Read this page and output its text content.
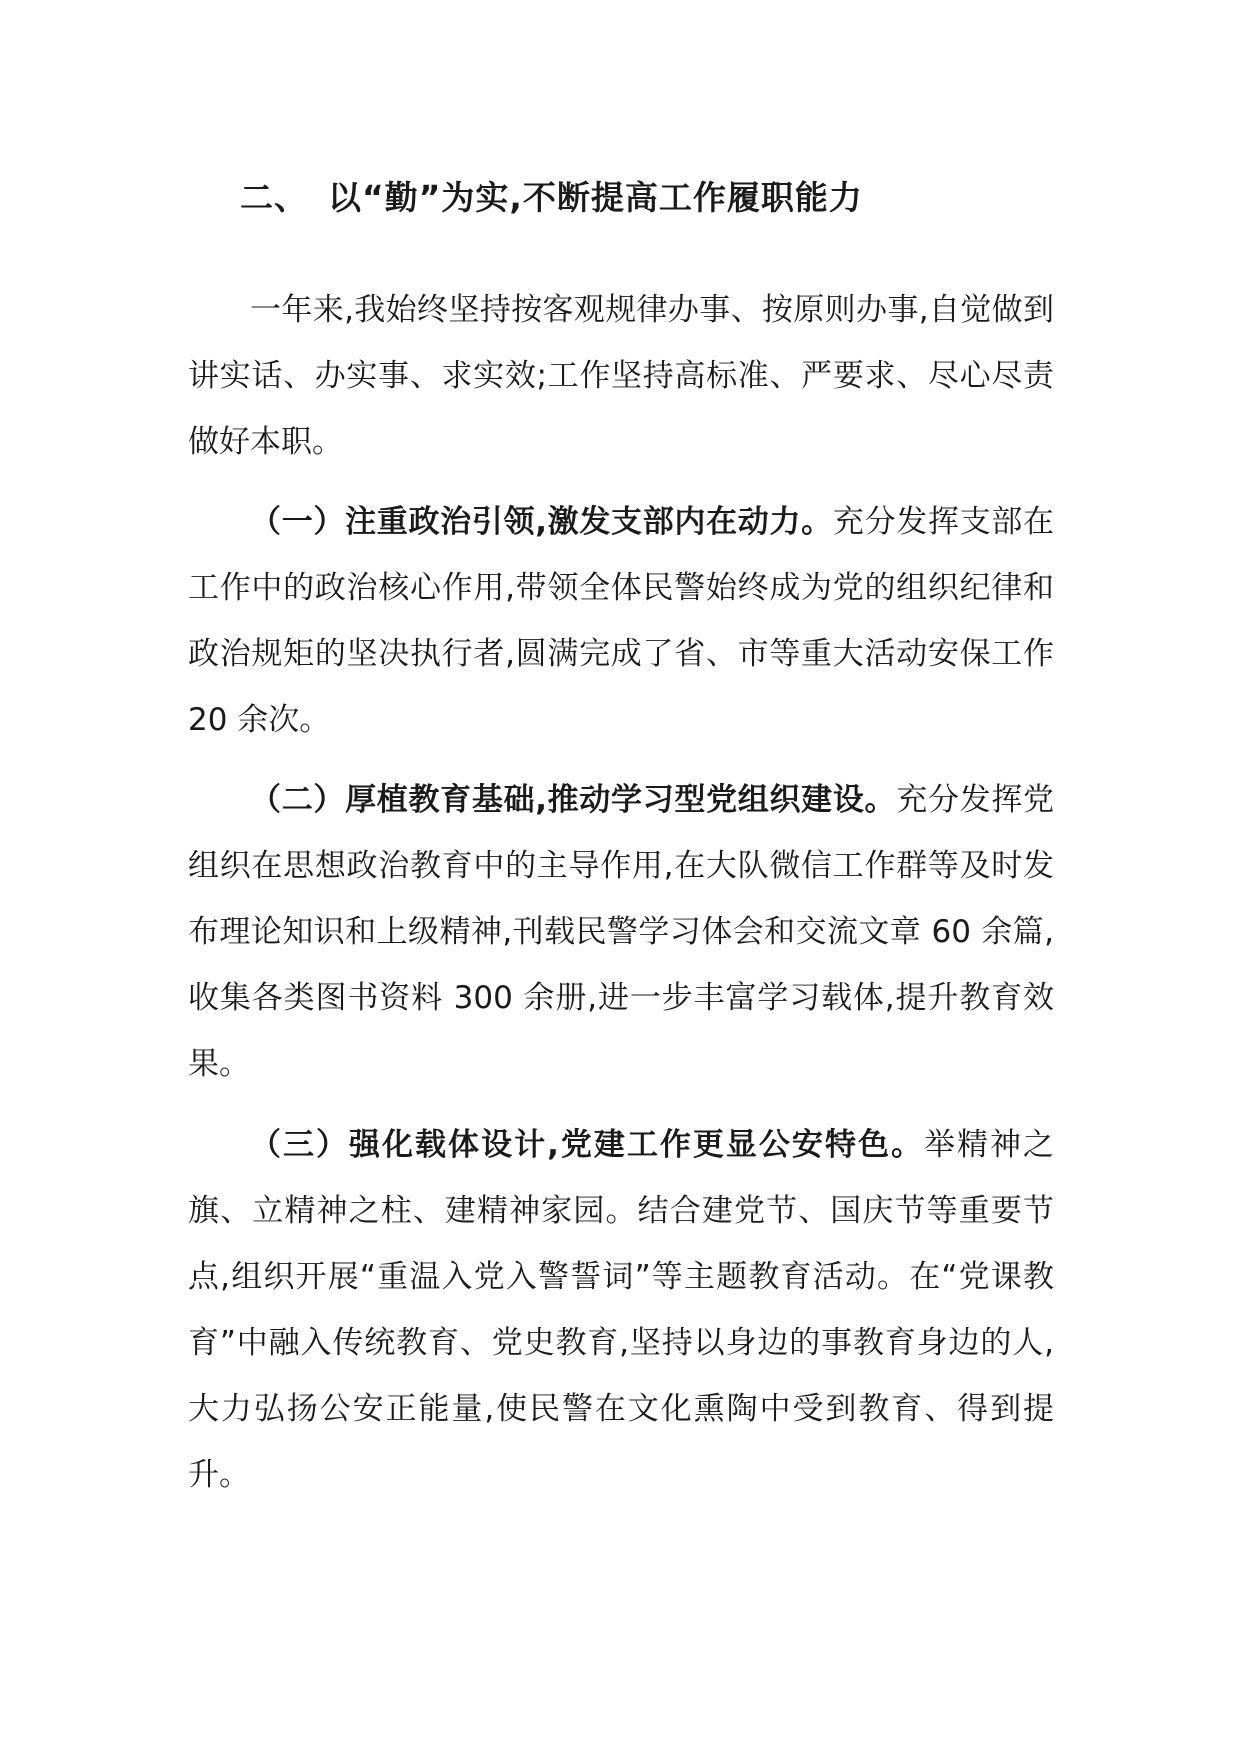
二、 以“勤”为实,不断提高工作履职能力

一年来,我始终坚持按客观规律办事、按原则办事,自觉做到讲实话、办实事、求实效;工作坚持高标准、严要求、尽心尽责做好本职。

（一）注重政治引领,激发支部内在动力。充分发挥支部在工作中的政治核心作用,带领全体民警始终成为党的组织纪律和政治规矩的坚决执行者,圆满完成了省、市等重大活动安保工作 20 余次。

（二）厚植教育基础,推动学习型党组织建设。充分发挥党组织在思想政治教育中的主导作用,在大队微信工作群等及时发布理论知识和上级精神,刊载民警学习体会和交流文章 60 余篇,收集各类图书资料 300 余册,进一步丰富学习载体,提升教育效果。

（三）强化载体设计,党建工作更显公安特色。举精神之旗、立精神之柱、建精神家园。结合建党节、国庆节等重要节点,组织开展“重温入党入警誓词”等主题教育活动。在“党课教育”中融入传统教育、党史教育,坚持以身边的事教育身边的人,大力弘扬公安正能量,使民警在文化熏陶中受到教育、得到提升。
